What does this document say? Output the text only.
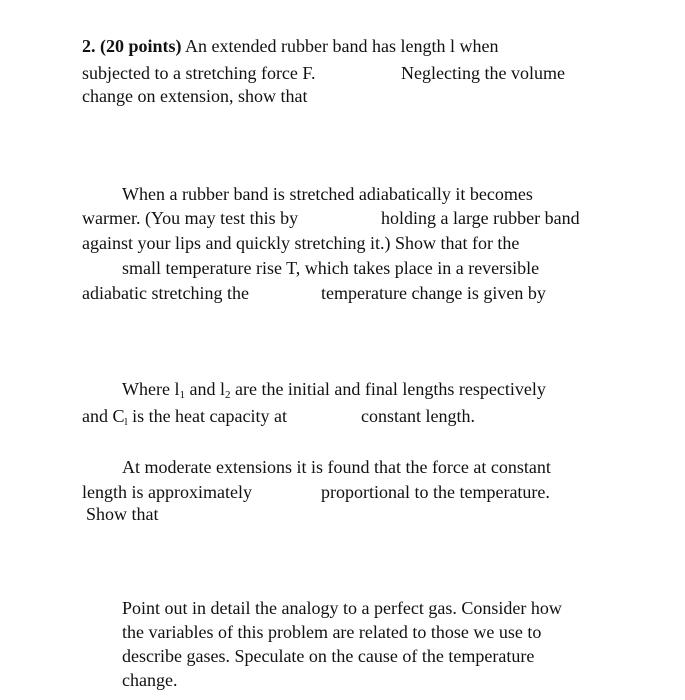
2. (20 points) An extended rubber band has length l when
subjected to a stretching force F.	Neglecting the volume
change on extension, show that
When a rubber band is stretched adiabatically it becomes
warmer. (You may test this by	holding a large rubber band
against your lips and quickly stretching it.) Show that for the
small temperature rise T, which takes place in a reversible
adiabatic stretching the	temperature change is given by
Where $l_1$ and $l_2$ are the initial and final lengths respectively
and $C_l$ is the heat capacity at	constant length.
At moderate extensions it is found that the force at constant
length is approximately	proportional to the temperature.
Show that
Point out in detail the analogy to a perfect gas. Consider how
the variables of this problem are related to those we use to
describe gases. Speculate on the cause of the temperature
change.
